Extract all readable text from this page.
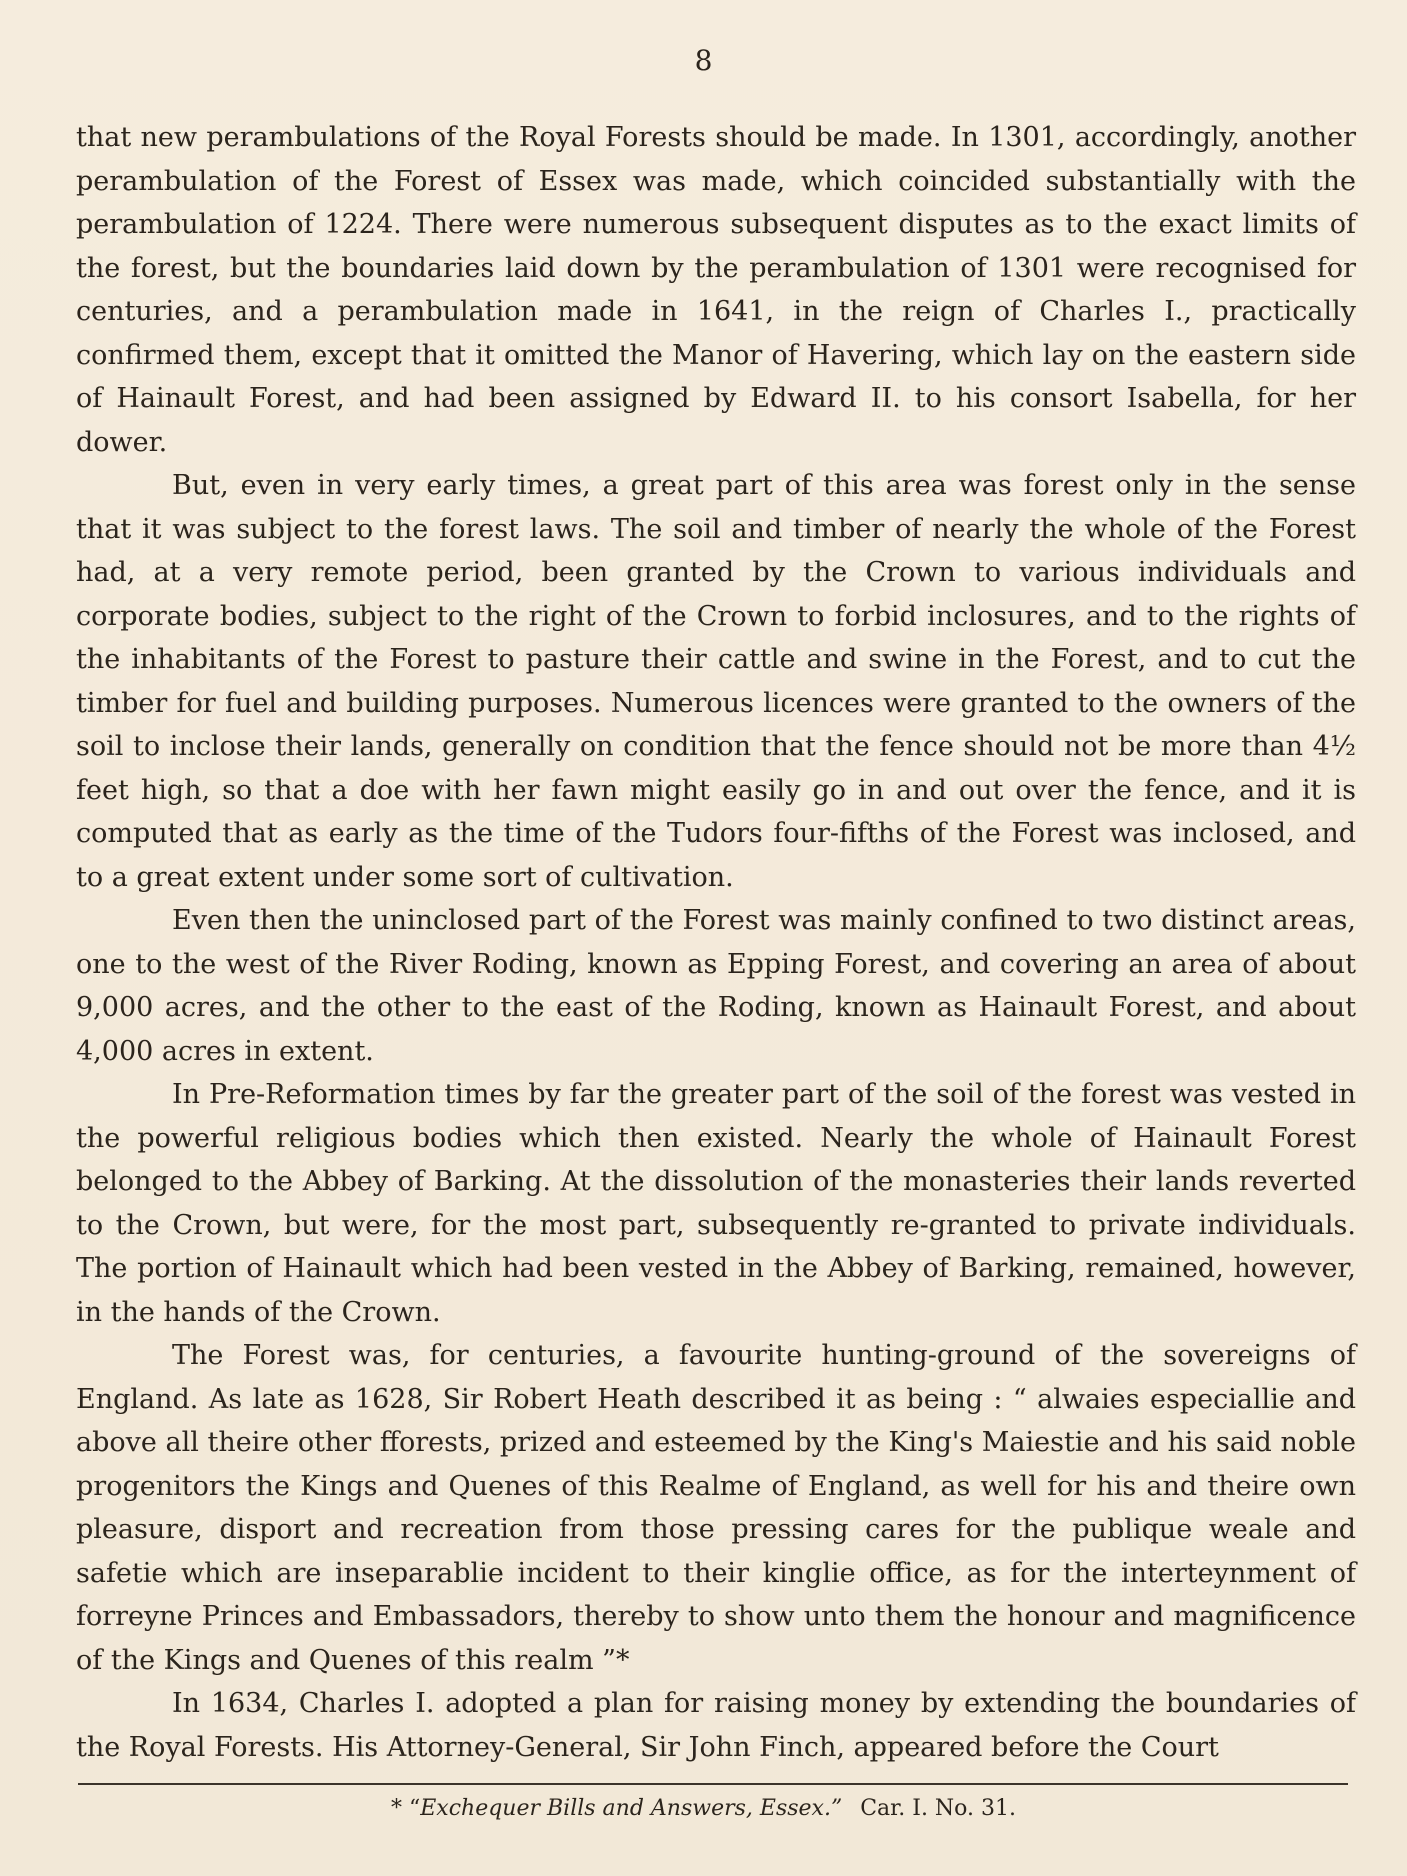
8

that new perambulations of the Royal Forests should be made. In 1301, accordingly, another perambulation of the Forest of Essex was made, which coincided substantially with the perambulation of 1224. There were numerous subsequent disputes as to the exact limits of the forest, but the boundaries laid down by the perambulation of 1301 were recognised for centuries, and a perambulation made in 1641, in the reign of Charles I., practically confirmed them, except that it omitted the Manor of Havering, which lay on the eastern side of Hainault Forest, and had been assigned by Edward II. to his consort Isabella, for her dower.

But, even in very early times, a great part of this area was forest only in the sense that it was subject to the forest laws. The soil and timber of nearly the whole of the Forest had, at a very remote period, been granted by the Crown to various individuals and corporate bodies, subject to the right of the Crown to forbid inclosures, and to the rights of the inhabitants of the Forest to pasture their cattle and swine in the Forest, and to cut the timber for fuel and building purposes. Numerous licences were granted to the owners of the soil to inclose their lands, generally on condition that the fence should not be more than 4½ feet high, so that a doe with her fawn might easily go in and out over the fence, and it is computed that as early as the time of the Tudors four-fifths of the Forest was inclosed, and to a great extent under some sort of cultivation.

Even then the uninclosed part of the Forest was mainly confined to two distinct areas, one to the west of the River Roding, known as Epping Forest, and covering an area of about 9,000 acres, and the other to the east of the Roding, known as Hainault Forest, and about 4,000 acres in extent.

In Pre-Reformation times by far the greater part of the soil of the forest was vested in the powerful religious bodies which then existed. Nearly the whole of Hainault Forest belonged to the Abbey of Barking. At the dissolution of the monasteries their lands reverted to the Crown, but were, for the most part, subsequently re-granted to private individuals. The portion of Hainault which had been vested in the Abbey of Barking, remained, however, in the hands of the Crown.

The Forest was, for centuries, a favourite hunting-ground of the sovereigns of England. As late as 1628, Sir Robert Heath described it as being : “ alwaies especiallie and above all theire other fforests, prized and esteemed by the King's Maiestie and his said noble progenitors the Kings and Quenes of this Realme of England, as well for his and theire own pleasure, disport and recreation from those pressing cares for the publique weale and safetie which are inseparablie incident to their kinglie office, as for the interteynment of forreyne Princes and Embassadors, thereby to show unto them the honour and magnificence of the Kings and Quenes of this realm ”*

In 1634, Charles I. adopted a plan for raising money by extending the boundaries of the Royal Forests. His Attorney-General, Sir John Finch, appeared before the Court

* “Exchequer Bills and Answers, Essex.” Car. I. No. 31.
